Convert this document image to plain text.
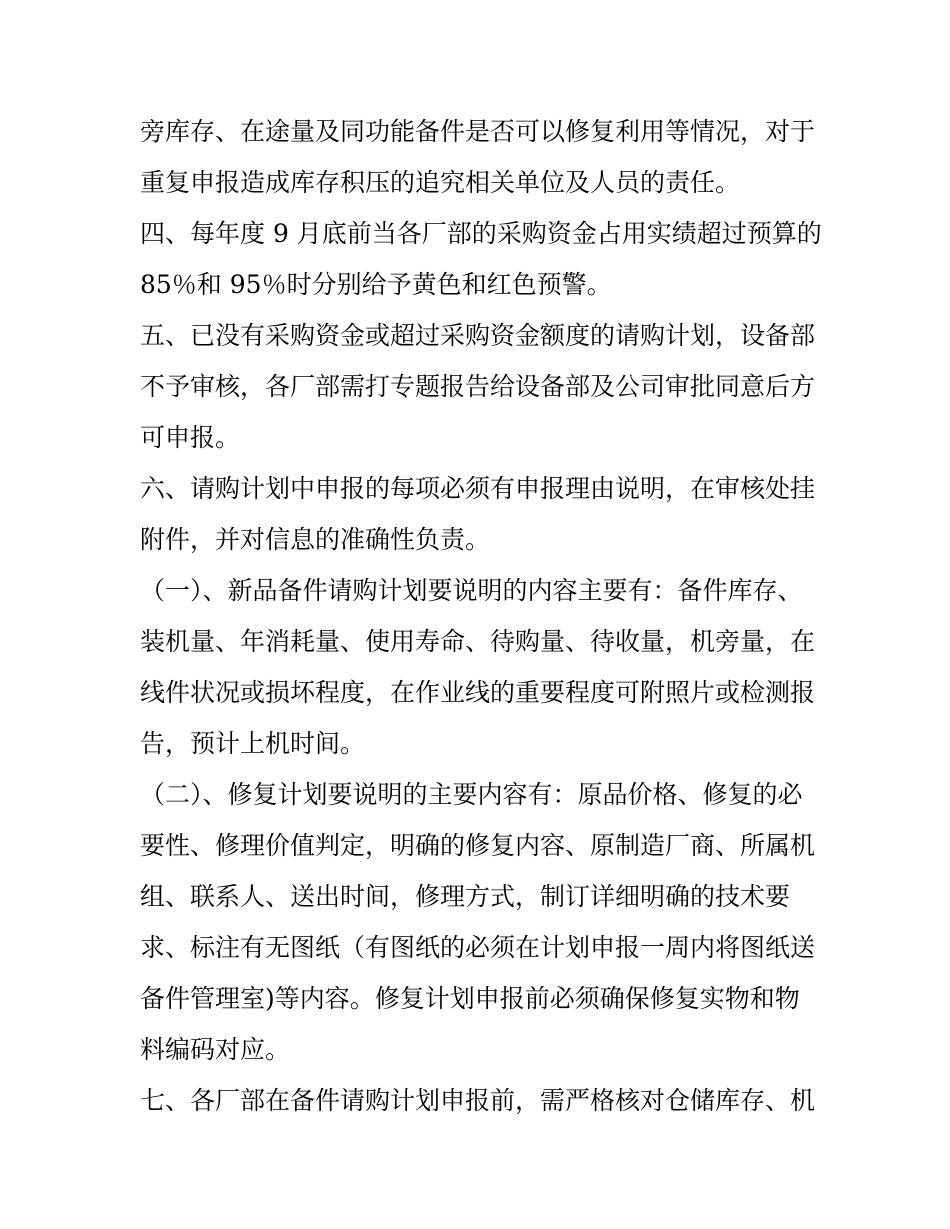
旁库存、在途量及同功能备件是否可以修复利用等情况，对于
重复申报造成库存积压的追究相关单位及人员的责任。
四、每年度 9 月底前当各厂部的采购资金占用实绩超过预算的
85％和 95％时分别给予黄色和红色预警。
五、已没有采购资金或超过采购资金额度的请购计划，设备部
不予审核，各厂部需打专题报告给设备部及公司审批同意后方
可申报。
六、请购计划中申报的每项必须有申报理由说明，在审核处挂
附件，并对信息的准确性负责。
（一）、新品备件请购计划要说明的内容主要有：备件库存、
装机量、年消耗量、使用寿命、待购量、待收量，机旁量，在
线件状况或损坏程度，在作业线的重要程度可附照片或检测报
告，预计上机时间。
（二）、修复计划要说明的主要内容有：原品价格、修复的必
要性、修理价值判定，明确的修复内容、原制造厂商、所属机
组、联系人、送出时间，修理方式，制订详细明确的技术要
求、标注有无图纸（有图纸的必须在计划申报一周内将图纸送
备件管理室)等内容。修复计划申报前必须确保修复实物和物
料编码对应。
七、各厂部在备件请购计划申报前，需严格核对仓储库存、机
